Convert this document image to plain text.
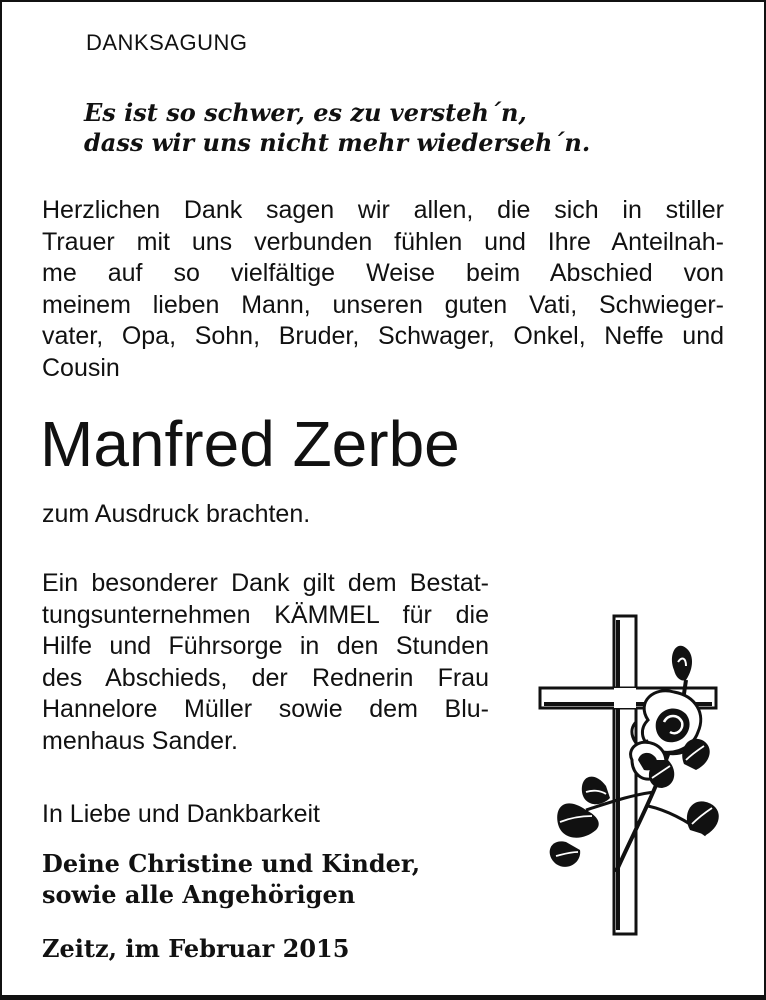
DANKSAGUNG
Es ist so schwer, es zu versteh´n,
dass wir uns nicht mehr wiederseh´n.
Herzlichen Dank sagen wir allen, die sich in stiller
Trauer mit uns verbunden fühlen und Ihre Anteilnah-
me auf so vielfältige Weise beim Abschied von
meinem lieben Mann, unseren guten Vati, Schwieger-
vater, Opa, Sohn, Bruder, Schwager, Onkel, Neffe und
Cousin
Manfred Zerbe
zum Ausdruck brachten.
Ein besonderer Dank gilt dem Bestat-
tungsunternehmen KÄMMEL für die
Hilfe und Führsorge in den Stunden
des Abschieds, der Rednerin Frau
Hannelore Müller sowie dem Blu-
menhaus Sander.
In Liebe und Dankbarkeit
Deine Christine und Kinder,
sowie alle Angehörigen
Zeitz, im Februar 2015
